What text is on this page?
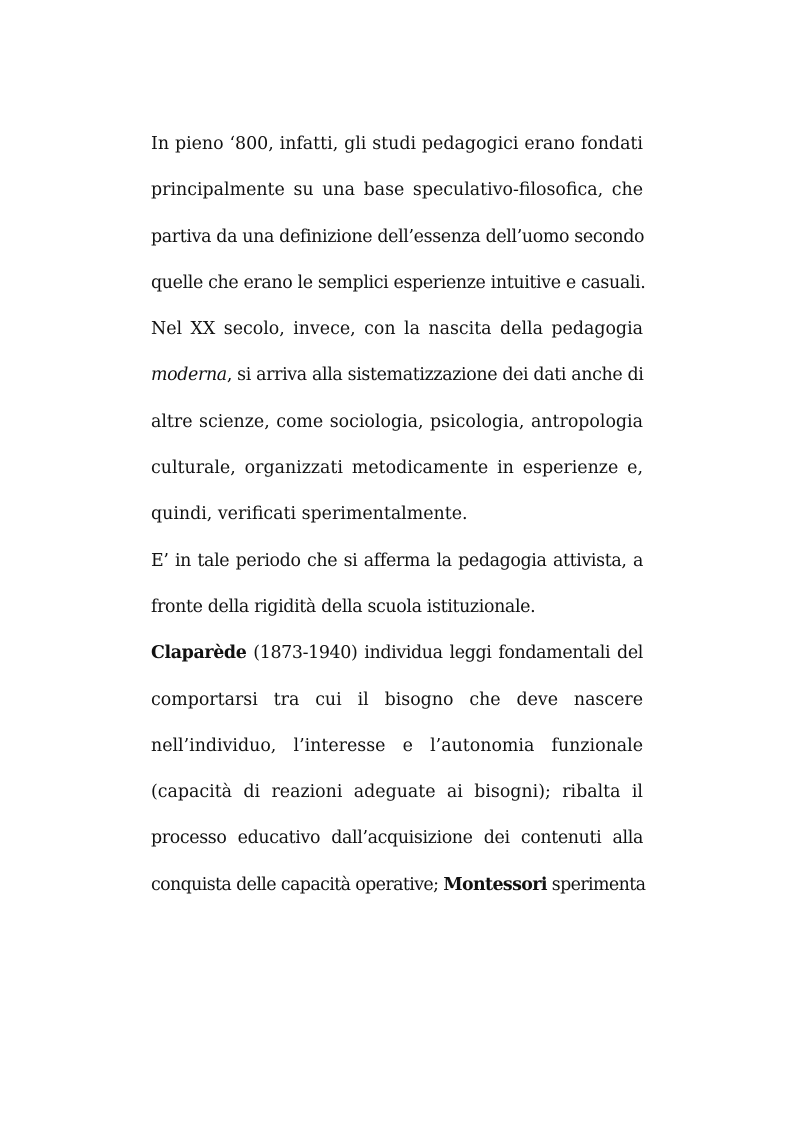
In pieno ‘800, infatti, gli studi pedagogici erano fondati
principalmente su una base speculativo-filosofica, che
partiva da una definizione dell’essenza dell’uomo secondo
quelle che erano le semplici esperienze intuitive e casuali.
Nel XX secolo, invece, con la nascita della pedagogia
moderna, si arriva alla sistematizzazione dei dati anche di
altre scienze, come sociologia, psicologia, antropologia
culturale, organizzati metodicamente in esperienze e,
quindi, verificati sperimentalmente.
E’ in tale periodo che si afferma la pedagogia attivista, a
fronte della rigidità della scuola istituzionale.
Claparède (1873-1940) individua leggi fondamentali del
comportarsi tra cui il bisogno che deve nascere
nell’individuo, l’interesse e l’autonomia funzionale
(capacità di reazioni adeguate ai bisogni); ribalta il
processo educativo dall’acquisizione dei contenuti alla
conquista delle capacità operative; Montessori sperimenta
